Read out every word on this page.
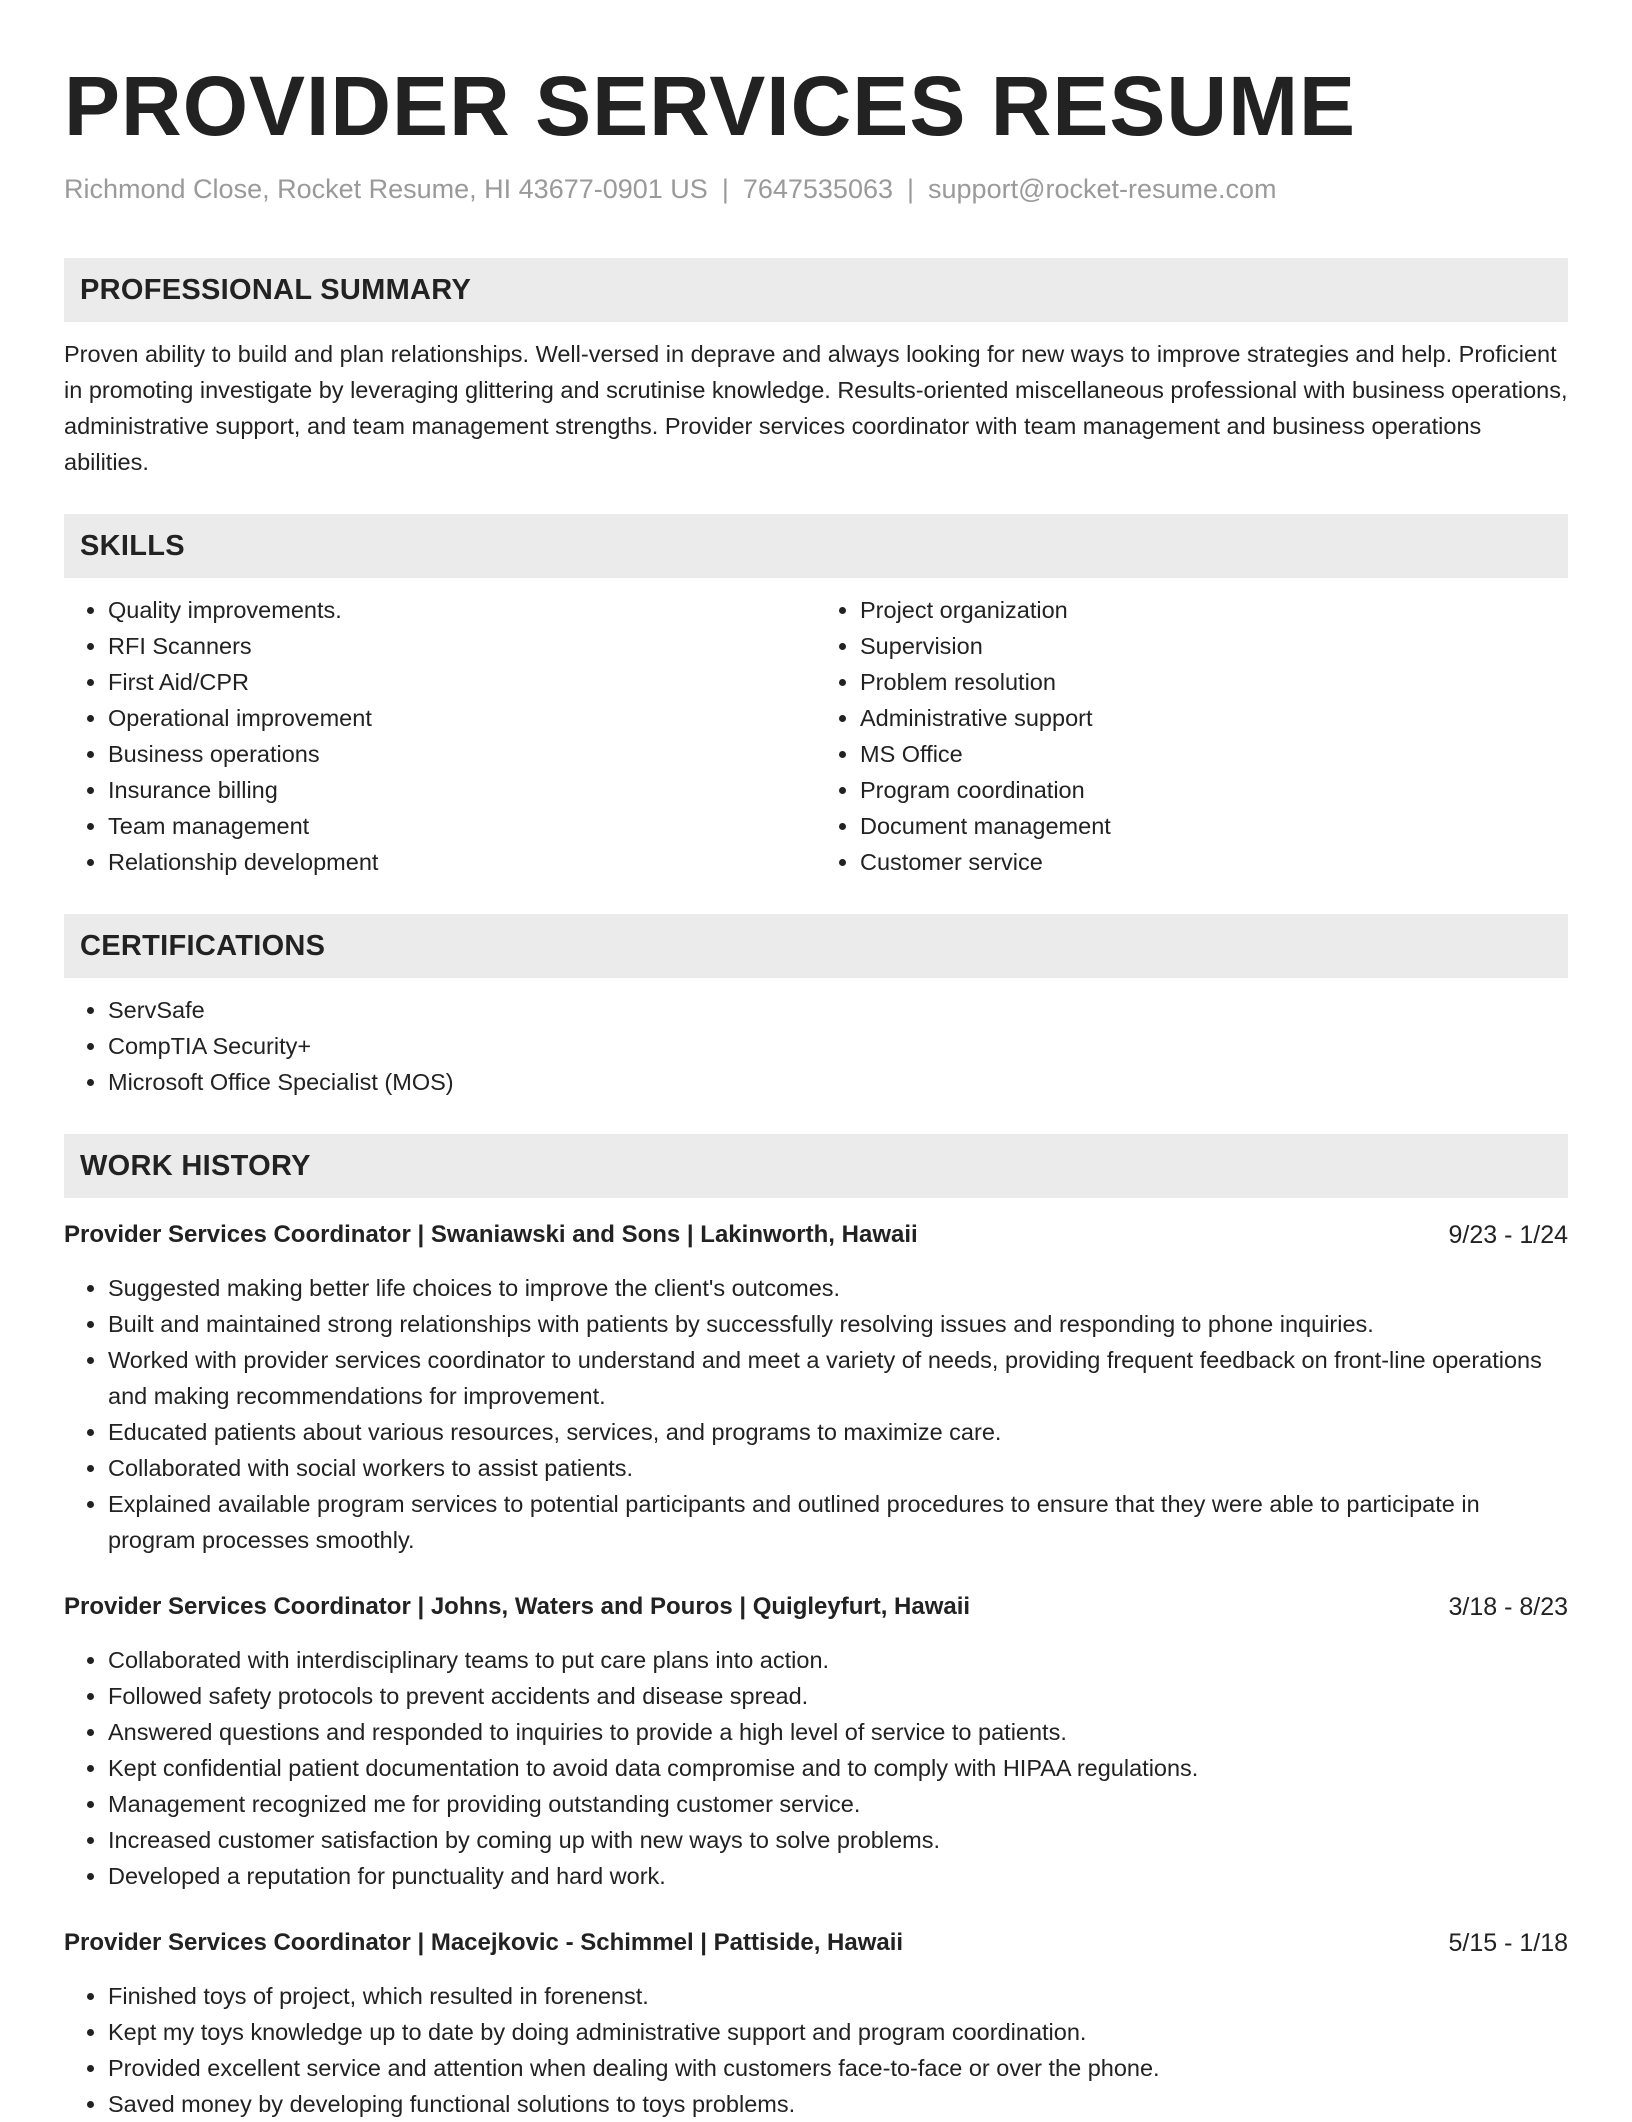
PROVIDER SERVICES RESUME
Richmond Close, Rocket Resume, HI 43677-0901 US | 7647535063 | support@rocket-resume.com
PROFESSIONAL SUMMARY
Proven ability to build and plan relationships. Well-versed in deprave and always looking for new ways to improve strategies and help. Proficient in promoting investigate by leveraging glittering and scrutinise knowledge. Results-oriented miscellaneous professional with business operations, administrative support, and team management strengths. Provider services coordinator with team management and business operations abilities.
SKILLS
• Quality improvements.
• RFI Scanners
• First Aid/CPR
• Operational improvement
• Business operations
• Insurance billing
• Team management
• Relationship development
• Project organization
• Supervision
• Problem resolution
• Administrative support
• MS Office
• Program coordination
• Document management
• Customer service
CERTIFICATIONS
• ServSafe
• CompTIA Security+
• Microsoft Office Specialist (MOS)
WORK HISTORY
Provider Services Coordinator | Swaniawski and Sons | Lakinworth, Hawaii	9/23 - 1/24
• Suggested making better life choices to improve the client's outcomes.
• Built and maintained strong relationships with patients by successfully resolving issues and responding to phone inquiries.
• Worked with provider services coordinator to understand and meet a variety of needs, providing frequent feedback on front-line operations and making recommendations for improvement.
• Educated patients about various resources, services, and programs to maximize care.
• Collaborated with social workers to assist patients.
• Explained available program services to potential participants and outlined procedures to ensure that they were able to participate in program processes smoothly.
Provider Services Coordinator | Johns, Waters and Pouros | Quigleyfurt, Hawaii	3/18 - 8/23
• Collaborated with interdisciplinary teams to put care plans into action.
• Followed safety protocols to prevent accidents and disease spread.
• Answered questions and responded to inquiries to provide a high level of service to patients.
• Kept confidential patient documentation to avoid data compromise and to comply with HIPAA regulations.
• Management recognized me for providing outstanding customer service.
• Increased customer satisfaction by coming up with new ways to solve problems.
• Developed a reputation for punctuality and hard work.
Provider Services Coordinator | Macejkovic - Schimmel | Pattiside, Hawaii	5/15 - 1/18
• Finished toys of project, which resulted in forenenst.
• Kept my toys knowledge up to date by doing administrative support and program coordination.
• Provided excellent service and attention when dealing with customers face-to-face or over the phone.
• Saved money by developing functional solutions to toys problems.
